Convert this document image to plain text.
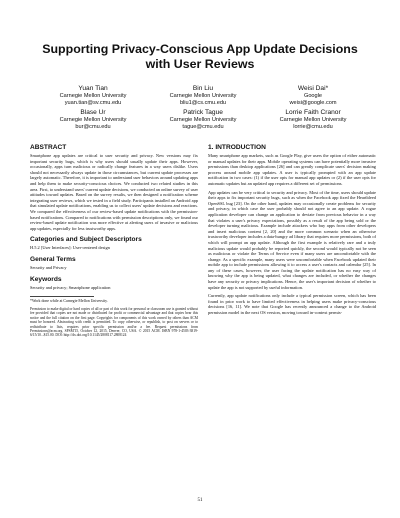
Supporting Privacy-Conscious App Update Decisions with User Reviews
Yuan Tian
Carnegie Mellon University
yuan.tian@sv.cmu.edu
Bin Liu
Carnegie Mellon University
bliu1@cs.cmu.edu
Weisi Dai*
Google
weisi@google.com
Blase Ur
Carnegie Mellon University
bur@cmu.edu
Patrick Tague
Carnegie Mellon University
tague@cmu.edu
Lorrie Faith Cranor
Carnegie Mellon University
lorrie@cmu.edu
ABSTRACT

Smartphone app updates are critical to user security and privacy. New versions may fix important security bugs, which is why users should usually update their apps. However, occasionally, apps turn malicious or radically change features in a way users dislike. Users should not necessarily always update in those circumstances, but current update processes are largely automatic. Therefore, it is important to understand user behaviors around updating apps and help them to make security-conscious choices. We conducted two related studies in this area. First, to understand users' current update decisions, we conducted an online survey of user attitudes toward updates. Based on the survey results, we then designed a notification scheme integrating user reviews, which we tested in a field study. Participants installed an Android app that simulated update notifications, enabling us to collect users' update decisions and reactions. We compared the effectiveness of our review-based update notifications with the permission-based notifications. Compared to notifications with permission descriptions only, we found our review-based update notification was more effective at alerting users of invasive or malicious app updates, especially for less trustworthy apps.

Categories and Subject Descriptors

H.5.2 [User Interfaces]: User-centered design

General Terms

Security and Privacy

Keywords

Security and privacy; Smartphone application

*Work done while at Carnegie Mellon University.
Permission to make digital or hard copies of all or part of this work for personal or classroom use is granted without fee provided that copies are not made or distributed for profit or commercial advantage and that copies bear this notice and the full citation on the first page. Copyrights for components of this work owned by others than ACM must be honored. Abstracting with credit is permitted. To copy otherwise, or republish, to post on servers or to redistribute to lists, requires prior specific permission and/or a fee. Request permissions from Permissions@acm.org. SPSM'15, October 12, 2015, Denver, CO, USA. © 2015 ACM. ISBN 978-1-4503-3819-6/15/10...$15.00. DOI: http://dx.doi.org/10.1145/2808117.2808124
1. INTRODUCTION

Many smartphone app markets, such as Google Play, give users the option of either automatic or manual updates for their apps. Mobile operating systems can have potentially more invasive permissions than desktop applications [26] and can greatly complicate users' decision making process around mobile app updates. A user is typically prompted with an app update notification in two cases: (1) if the user opts for manual app updates or (2) if the user opts for automatic updates but an updated app requires a different set of permissions.

App updates can be very critical to security and privacy. Most of the time, users should update their apps to fix important security bugs, such as when the Facebook app fixed the Heartbleed OpenSSL bug [23]. On the other hand, updates may occasionally create problems for security and privacy, in which case the user probably should not agree to an app update. A rogue application developer can change an application to deviate from previous behavior in a way that violates a user's privacy expectations, possibly as a result of the app being sold or the developer turning malicious. Example include attackers who buy apps from other developers and insert malicious content [2, 20] and the more common scenario when an otherwise trustworthy developer includes a data-hungry ad library that requires more permissions, both of which will prompt an app update. Although the first example is relatively rare and a truly malicious update would probably be reported quickly, the second would typically not be seen as malicious or violate the Terms of Service even if many users are uncomfortable with the change. As a specific example, many users were uncomfortable when Facebook updated their mobile app to include permissions allowing it to access a user's contacts and calendar [25]. In any of these cases, however, the user facing the update notification has no easy way of knowing why the app is being updated, what changes are included, or whether the changes have any security or privacy implications. Hence, the user's important decision of whether to update the app is not supported by useful information.

Currently, app update notifications only include a typical permission screen, which has been found in prior work to have limited effectiveness in helping users make privacy-conscious decisions [16, 11]. We note that Google has recently announced a change to the Android permission model in the next OS version, moving toward in-context permis-

51
